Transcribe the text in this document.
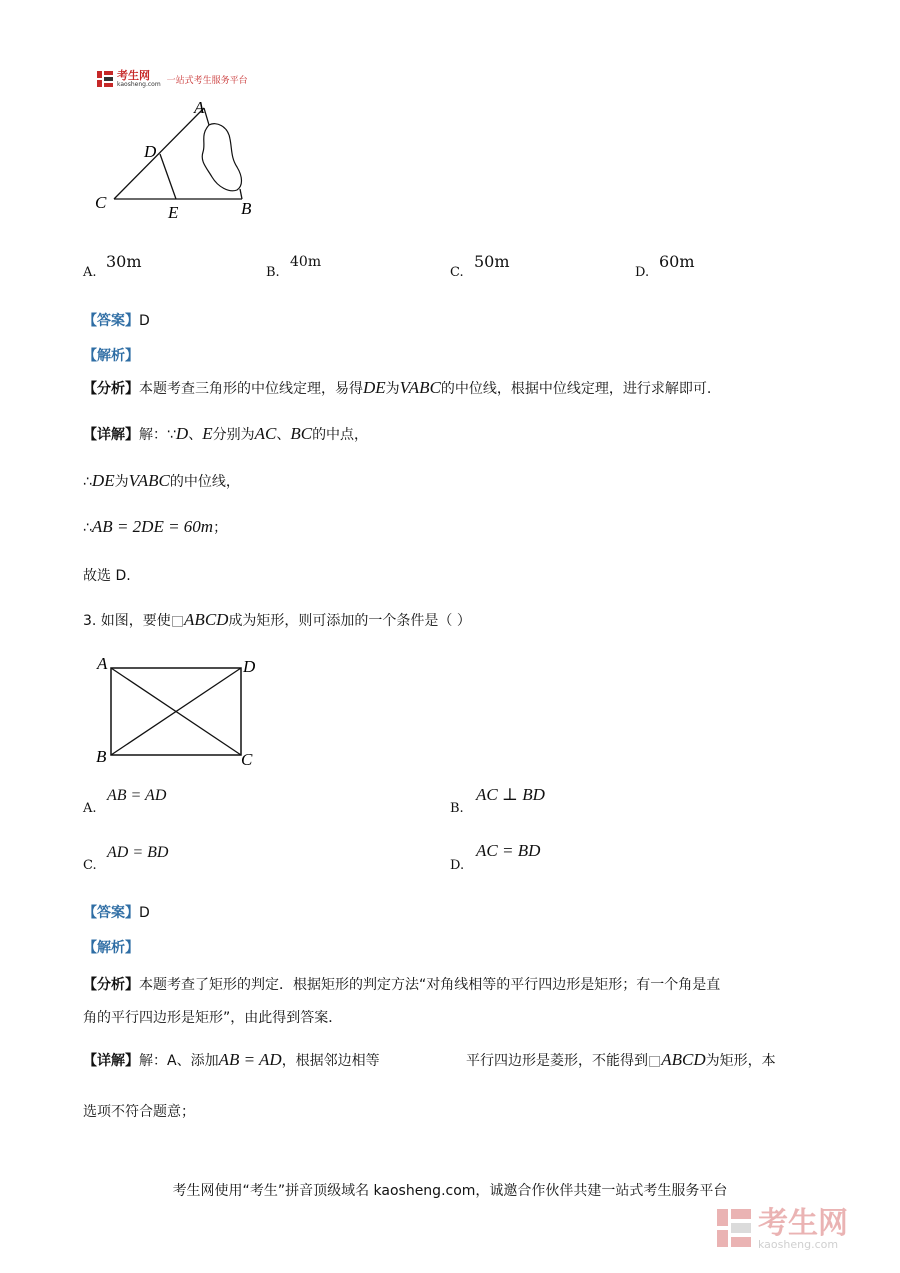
考生网
kaosheng.com 一站式考生服务平台
A
D
C
E	B
A.
30m
B.
40m
C.
50m
D.
60m
【答案】D
【解析】
【分析】本题考查三角形的中位线定理，易得DE为VABC的中位线，根据中位线定理，进行求解即可.
【详解】解：∵D、E分别为AC、BC的中点，
∴DE为VABC的中位线，
∴AB = 2DE = 60m；
故选 D.
3. 如图，要使□ABCD成为矩形，则可添加的一个条件是（ ）
A	D
B	C
A.
AB = AD
B.
AC ⊥ BD
C.
AD = BD
D.
AC = BD
【答案】D
【解析】
【分析】本题考查了矩形的判定．根据矩形的判定方法“对角线相等的平行四边形是矩形；有一个角是直
角的平行四边形是矩形”，由此得到答案．
【详解】解：A、添加AB = AD，根据邻边相等	平行四边形是菱形，不能得到□ABCD为矩形，本
选项不符合题意；
考生网使用“考生”拼音顶级域名 kaosheng.com，诚邀合作伙伴共建一站式考生服务平台
考生网
kaosheng.com
